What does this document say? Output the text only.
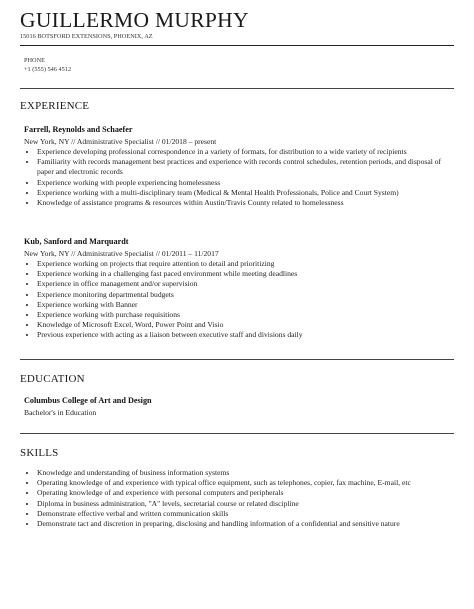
GUILLERMO MURPHY
15016 BOTSFORD EXTENSIONS, PHOENIX, AZ
PHONE
+1 (555) 546 4512
EXPERIENCE
Farrell, Reynolds and Schaefer
New York, NY // Administrative Specialist // 01/2018 – present
• Experience developing professional correspondence in a variety of formats, for distribution to a wide variety of recipients
• Familiarity with records management best practices and experience with records control schedules, retention periods, and disposal of paper and electronic records
• Experience working with people experiencing homelessness
• Experience working with a multi-disciplinary team (Medical & Mental Health Professionals, Police and Court System)
• Knowledge of assistance programs & resources within Austin/Travis County related to homelessness
Kub, Sanford and Marquardt
New York, NY // Administrative Specialist // 01/2011 – 11/2017
• Experience working on projects that require attention to detail and prioritizing
• Experience working in a challenging fast paced environment while meeting deadlines
• Experience in office management and/or supervision
• Experience monitoring departmental budgets
• Experience working with Banner
• Experience working with purchase requisitions
• Knowledge of Microsoft Excel, Word, Power Point and Visio
• Previous experience with acting as a liaison between executive staff and divisions daily
EDUCATION
Columbus College of Art and Design
Bachelor's in Education
SKILLS
• Knowledge and understanding of business information systems
• Operating knowledge of and experience with typical office equipment, such as telephones, copier, fax machine, E-mail, etc
• Operating knowledge of and experience with personal computers and peripherals
• Diploma in business administration, "A" levels, secretarial course or related discipline
• Demonstrate effective verbal and written communication skills
• Demonstrate tact and discretion in preparing, disclosing and handling information of a confidential and sensitive nature
